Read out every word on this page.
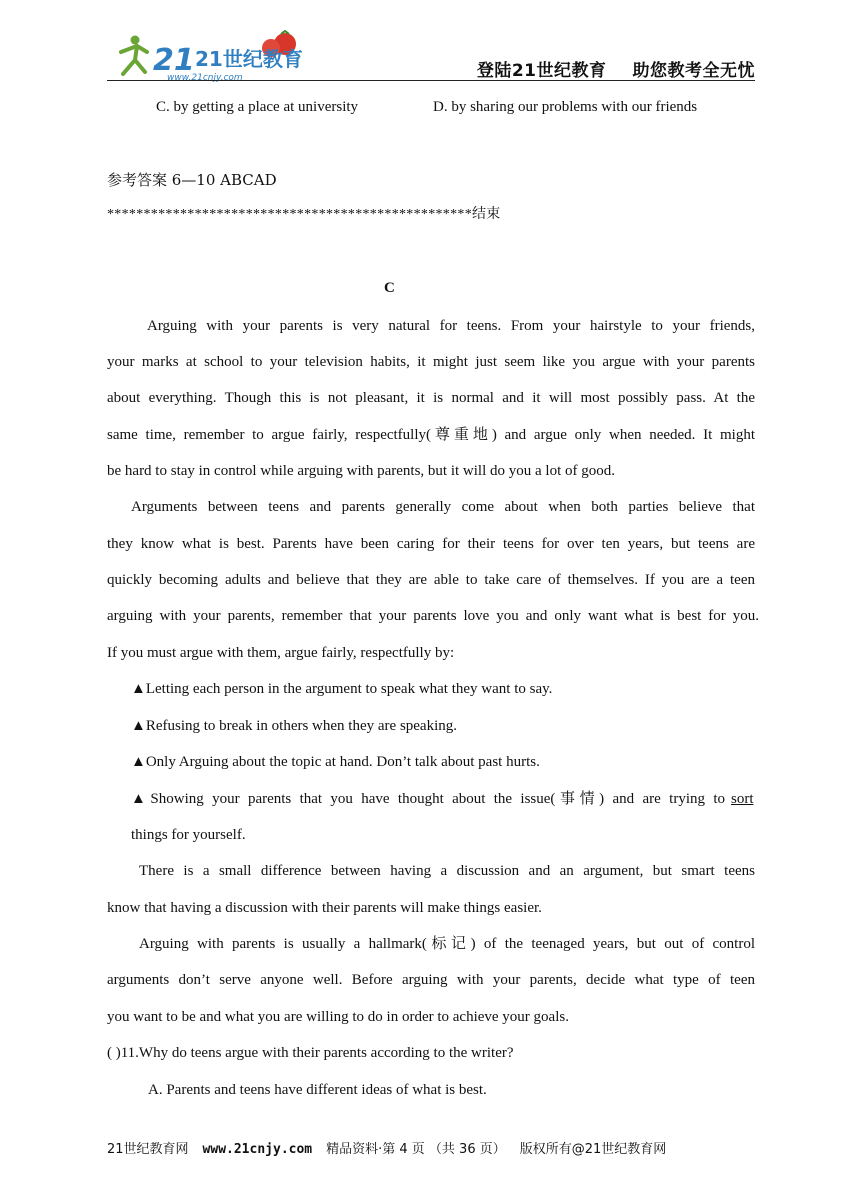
21 21世纪教育
www.21cnjy.com	登陆21世纪教育 助您教考全无忧
C. by getting a place at university	D. by sharing our problems with our friends
参考答案 6—10 ABCAD
**************************************************结束
C
Arguing with your parents is very natural for teens. From your hairstyle to your friends,
your marks at school to your television habits, it might just seem like you argue with your parents
about everything. Though this is not pleasant, it is normal and it will most possibly pass. At the
same time, remember to argue fairly, respectfully(尊重地) and argue only when needed. It might
be hard to stay in control while arguing with parents, but it will do you a lot of good.
Arguments between teens and parents generally come about when both parties believe that
they know what is best. Parents have been caring for their teens for over ten years, but teens are
quickly becoming adults and believe that they are able to take care of themselves. If you are a teen
arguing with your parents, remember that your parents love you and only want what is best for you.
If you must argue with them, argue fairly, respectfully by:
▲Letting each person in the argument to speak what they want to say.
▲Refusing to break in others when they are speaking.
▲Only Arguing about the topic at hand. Don’t talk about past hurts.
▲Showing your parents that you have thought about the issue(事情) and are trying to sort
things for yourself.
There is a small difference between having a discussion and an argument, but smart teens
know that having a discussion with their parents will make things easier.
Arguing with parents is usually a hallmark(标记) of the teenaged years, but out of control
arguments don’t serve anyone well. Before arguing with your parents, decide what type of teen
you want to be and what you are willing to do in order to achieve your goals.
( )11.Why do teens argue with their parents according to the writer?
A. Parents and teens have different ideas of what is best.
21世纪教育网 www.21cnjy.com 精品资料·第 4 页 （共 36 页） 版权所有@21世纪教育网
